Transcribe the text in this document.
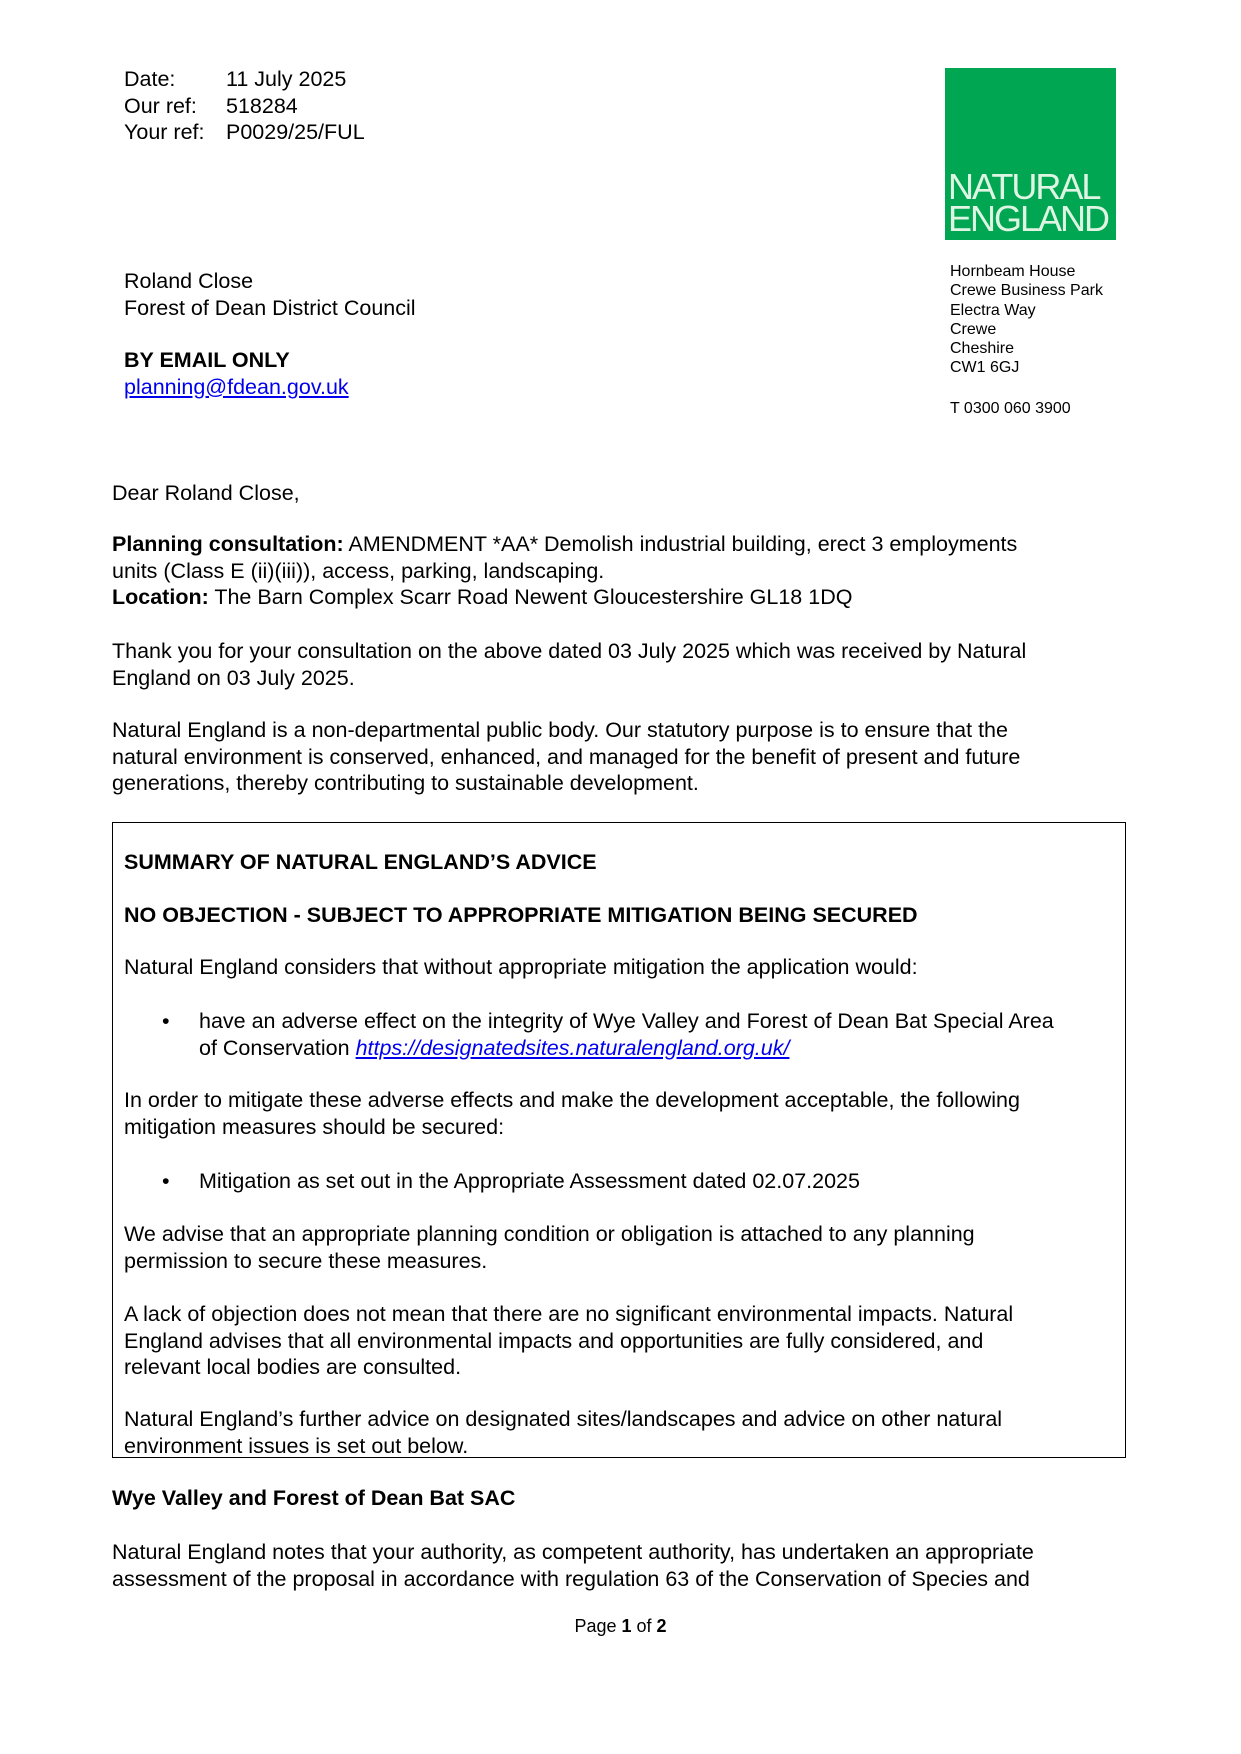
Date:	11 July 2025
Our ref:	518284
Your ref:	P0029/25/FUL
NATURAL
ENGLAND
Hornbeam House
Crewe Business Park
Electra Way
Crewe
Cheshire
CW1 6GJ
T 0300 060 3900
Roland Close
Forest of Dean District Council
BY EMAIL ONLY
planning@fdean.gov.uk
Dear Roland Close,
Planning consultation: AMENDMENT *AA* Demolish industrial building, erect 3 employments
units (Class E (ii)(iii)), access, parking, landscaping.
Location: The Barn Complex Scarr Road Newent Gloucestershire GL18 1DQ
Thank you for your consultation on the above dated 03 July 2025 which was received by Natural
England on 03 July 2025.
Natural England is a non-departmental public body. Our statutory purpose is to ensure that the
natural environment is conserved, enhanced, and managed for the benefit of present and future
generations, thereby contributing to sustainable development.
SUMMARY OF NATURAL ENGLAND’S ADVICE
NO OBJECTION - SUBJECT TO APPROPRIATE MITIGATION BEING SECURED
Natural England considers that without appropriate mitigation the application would:
• have an adverse effect on the integrity of Wye Valley and Forest of Dean Bat Special Area
of Conservation https://designatedsites.naturalengland.org.uk/
In order to mitigate these adverse effects and make the development acceptable, the following
mitigation measures should be secured:
• Mitigation as set out in the Appropriate Assessment dated 02.07.2025
We advise that an appropriate planning condition or obligation is attached to any planning
permission to secure these measures.
A lack of objection does not mean that there are no significant environmental impacts. Natural
England advises that all environmental impacts and opportunities are fully considered, and
relevant local bodies are consulted.
Natural England’s further advice on designated sites/landscapes and advice on other natural
environment issues is set out below.
Wye Valley and Forest of Dean Bat SAC
Natural England notes that your authority, as competent authority, has undertaken an appropriate
assessment of the proposal in accordance with regulation 63 of the Conservation of Species and
Page 1 of 2
